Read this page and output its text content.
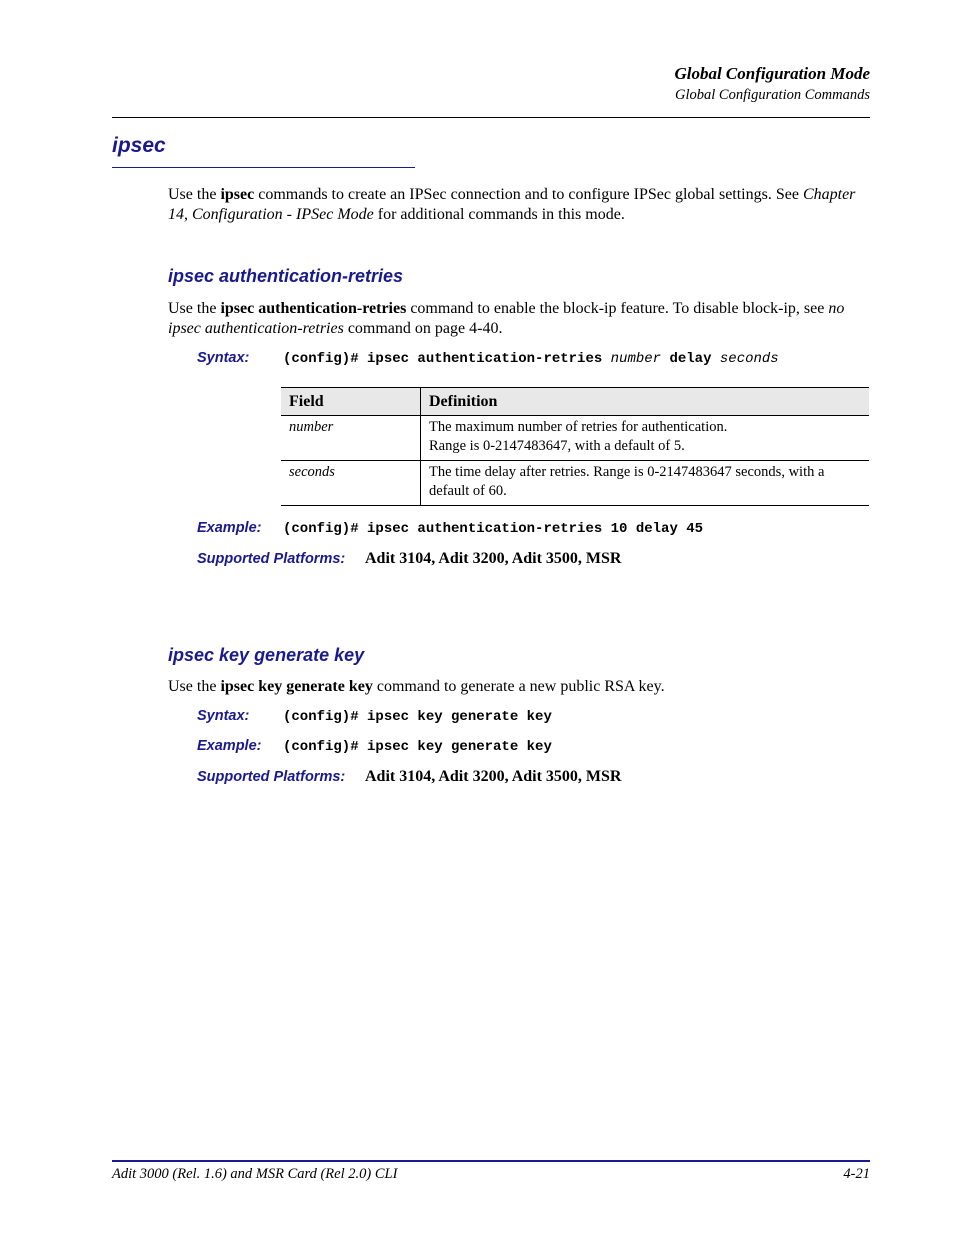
Global Configuration Mode
Global Configuration Commands
ipsec
Use the ipsec commands to create an IPSec connection and to configure IPSec global settings. See Chapter 14, Configuration - IPSec Mode for additional commands in this mode.
ipsec authentication-retries
Use the ipsec authentication-retries command to enable the block-ip feature. To disable block-ip, see no ipsec authentication-retries command on page 4-40.
Syntax: (config)# ipsec authentication-retries number delay seconds
Field	Definition
number	The maximum number of retries for authentication.
Range is 0-2147483647, with a default of 5.

seconds	The time delay after retries. Range is 0-2147483647 seconds, with a default of 60.
Example: (config)# ipsec authentication-retries 10 delay 45
Supported Platforms: Adit 3104, Adit 3200, Adit 3500, MSR
ipsec key generate key
Use the ipsec key generate key command to generate a new public RSA key.
Syntax: (config)# ipsec key generate key
Example: (config)# ipsec key generate key
Supported Platforms: Adit 3104, Adit 3200, Adit 3500, MSR
Adit 3000 (Rel. 1.6) and MSR Card (Rel 2.0) CLI	4-21
